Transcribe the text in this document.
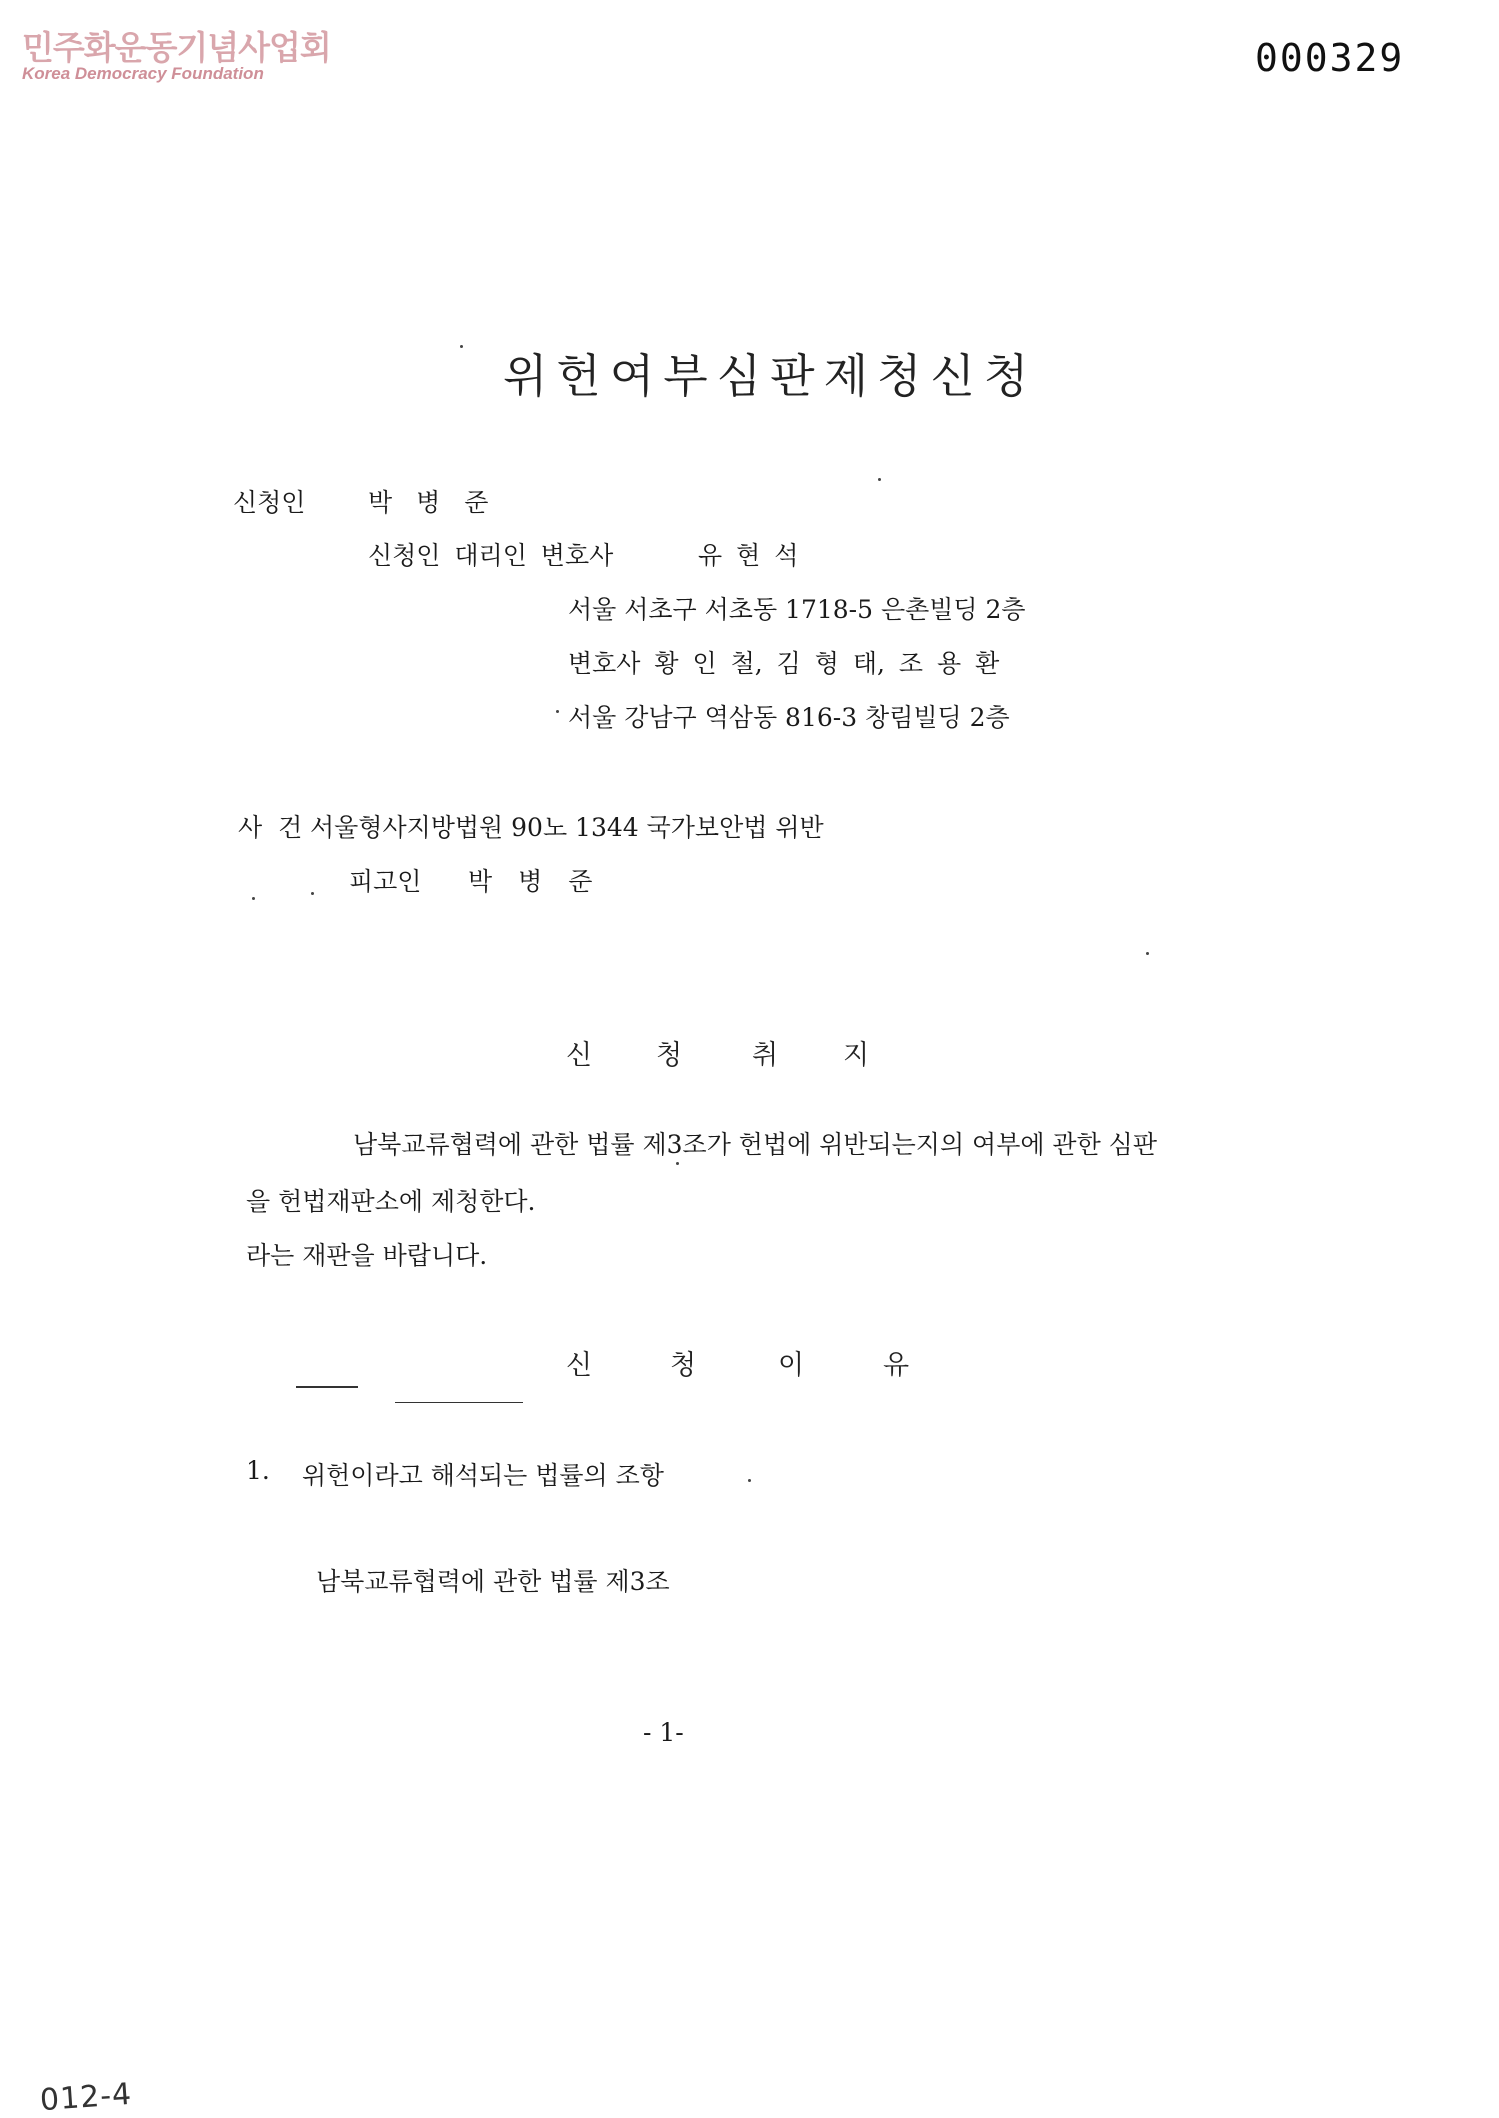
민주화운동기념사업회
Korea Democracy Foundation	000329
위헌여부심판제청신청
신청인	박 병 준
신청인 대리인 변호사	유 현 석
서울 서초구 서초동 1718-5 은촌빌딩 2층
변호사 황 인 철, 김 형 태, 조 용 환
서울 강남구 역삼동 816-3 창림빌딩 2층
사 건 서울형사지방법원 90노 1344 국가보안법 위반
피고인 박 병 준
신 청	취 지
남북교류협력에 관한 법률 제3조가 헌법에 위반되는지의 여부에 관한 심판
을 헌법재판소에 제청한다.
라는 재판을 바랍니다.
신	청	이	유
1. 위헌이라고 해석되는 법률의 조항
남북교류협력에 관한 법률 제3조
- 1-
012-4
